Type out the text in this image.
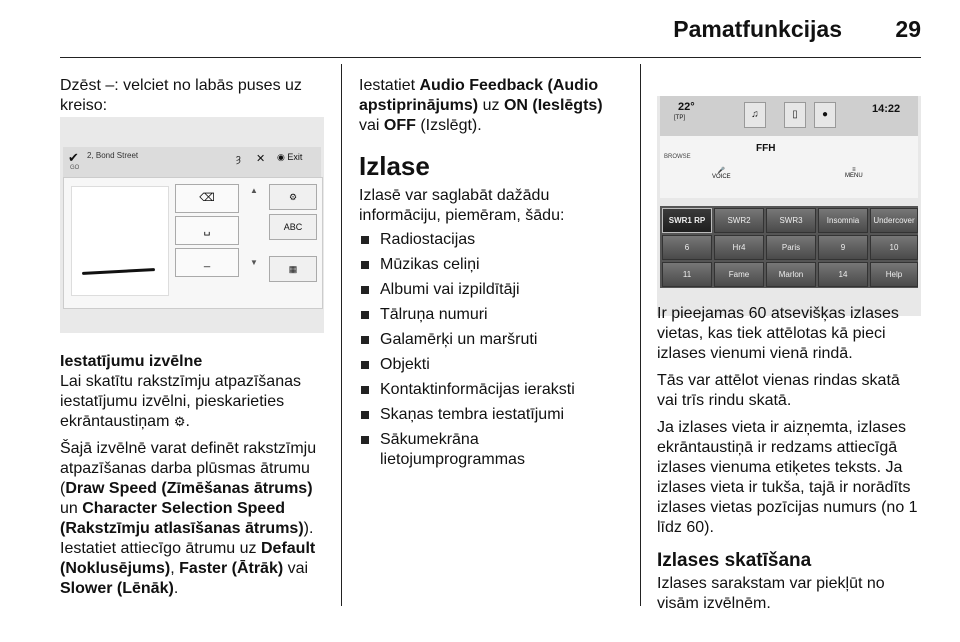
Pamatfunkcijas 29

Dzēst –: velciet no labās puses uz kreiso:

✔ 2, Bond Street
GO
ȝ ✕ ◉ Exit
⌫
␣
_
▲

▼
⚙
ABC
▦
Iestatījumu izvēlne

Lai skatītu rakstzīmju atpazīšanas iestatījumu izvēlni, pieskarieties ekrāntaustiņam ⚙.

Šajā izvēlnē varat definēt rakstzīmju atpazīšanas darba plūsmas ātrumu (Draw Speed (Zīmēšanas ātrums) un Character Selection Speed (Rakstzīmju atlasīšanas ātrums)).
Iestatiet attiecīgo ātrumu uz Default (Noklusējums), Faster (Ātrāk) vai Slower (Lēnāk).

Iestatiet Audio Feedback (Audio apstiprinājums) uz ON (Ieslēgts) vai OFF (Izslēgt).

Izlase

Izlasē var saglabāt dažādu informāciju, piemēram, šādu:

Radiostacijas
Mūzikas celiņi
Albumi vai izpildītāji
Tālruņa numuri
Galamērķi un maršruti
Objekti
Kontaktinformācijas ieraksti
Skaņas tembra iestatījumi
Sākumekrāna lietojumprogrammas
22°
[TP]	♫	▯	●	14:22
BROWSE
FFH
🎤
VOICE
≡
MENU
SWR1 RP	SWR2	SWR3	Insomnia	Undercover
6	Hr4	Paris	9	10
11	Fame	Marlon	14	Help

Ir pieejamas 60 atsevišķas izlases vietas, kas tiek attēlotas kā pieci izlases vienumi vienā rindā.

Tās var attēlot vienas rindas skatā vai trīs rindu skatā.

Ja izlases vieta ir aizņemta, izlases ekrāntaustiņā ir redzams attiecīgā izlases vienuma etiķetes teksts. Ja izlases vieta ir tukša, tajā ir norādīts izlases vietas pozīcijas numurs (no 1 līdz 60).

Izlases skatīšana

Izlases sarakstam var piekļūt no visām izvēlnēm.
